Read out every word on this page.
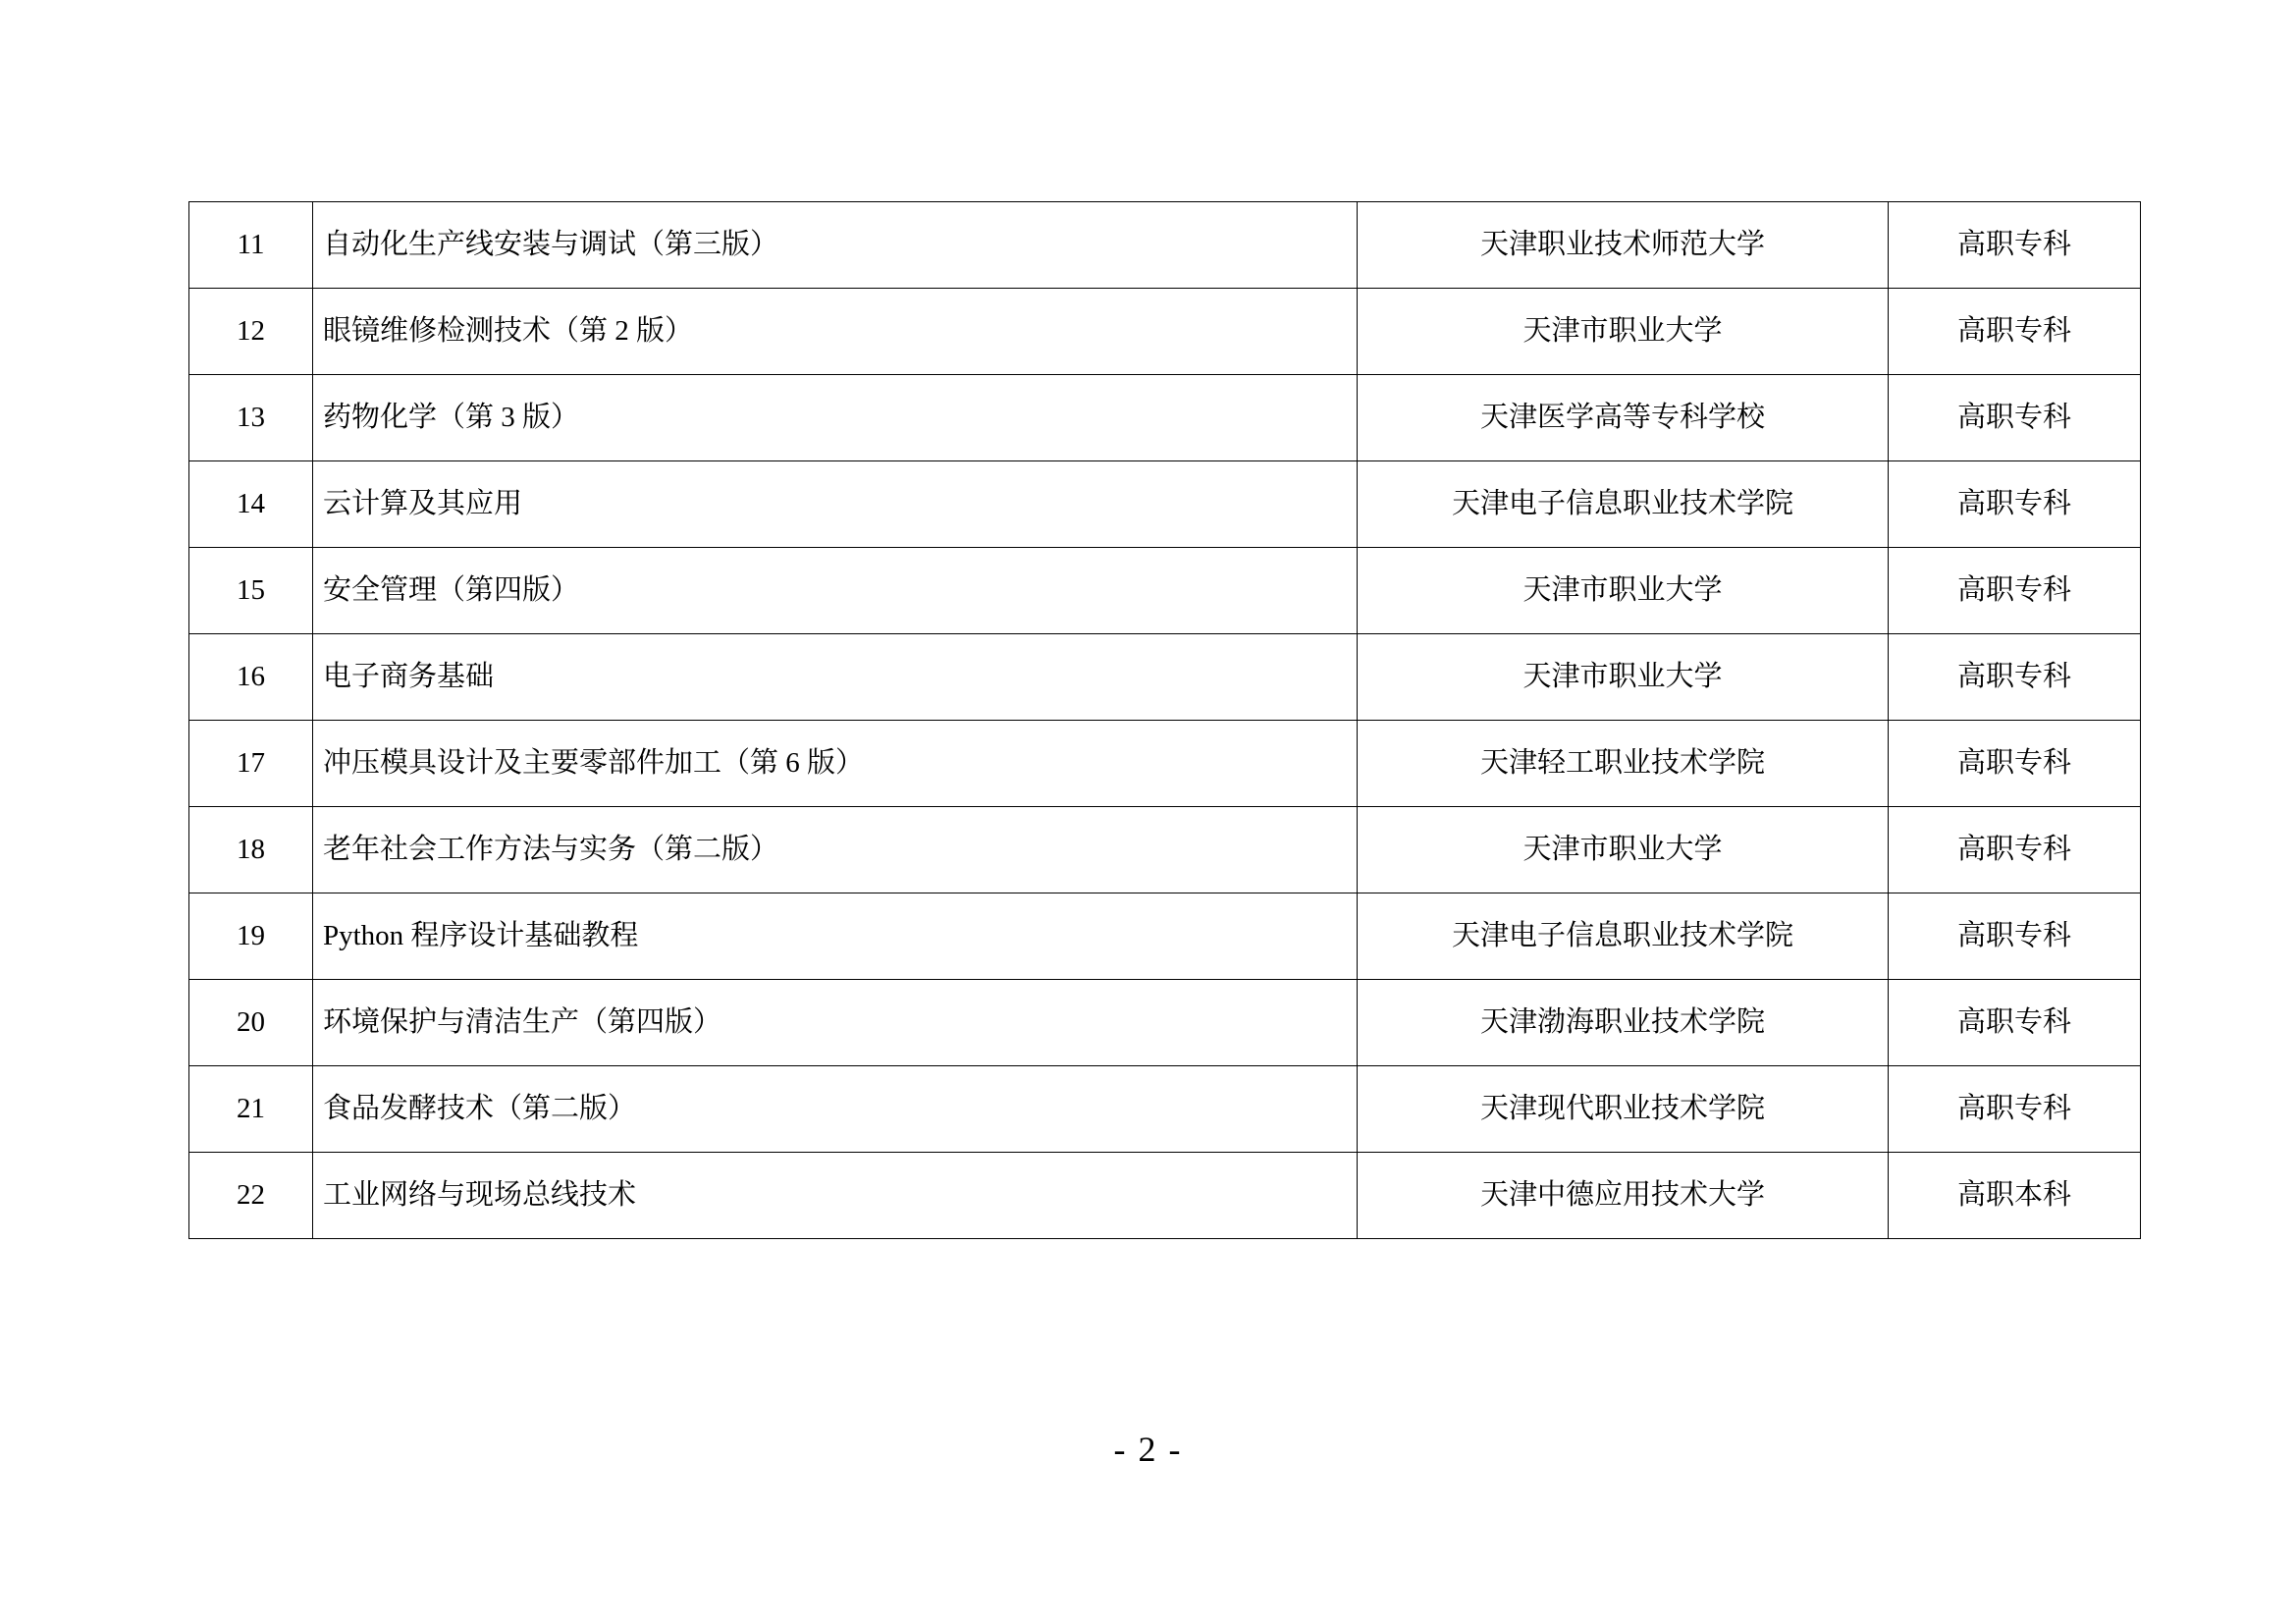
11	自动化生产线安装与调试（第三版）	天津职业技术师范大学	高职专科
12	眼镜维修检测技术（第 2 版）	天津市职业大学	高职专科
13	药物化学（第 3 版）	天津医学高等专科学校	高职专科
14	云计算及其应用	天津电子信息职业技术学院	高职专科
15	安全管理（第四版）	天津市职业大学	高职专科
16	电子商务基础	天津市职业大学	高职专科
17	冲压模具设计及主要零部件加工（第 6 版）	天津轻工职业技术学院	高职专科
18	老年社会工作方法与实务（第二版）	天津市职业大学	高职专科
19	Python 程序设计基础教程	天津电子信息职业技术学院	高职专科
20	环境保护与清洁生产（第四版）	天津渤海职业技术学院	高职专科
21	食品发酵技术（第二版）	天津现代职业技术学院	高职专科
22	工业网络与现场总线技术	天津中德应用技术大学	高职本科
- 2 -
